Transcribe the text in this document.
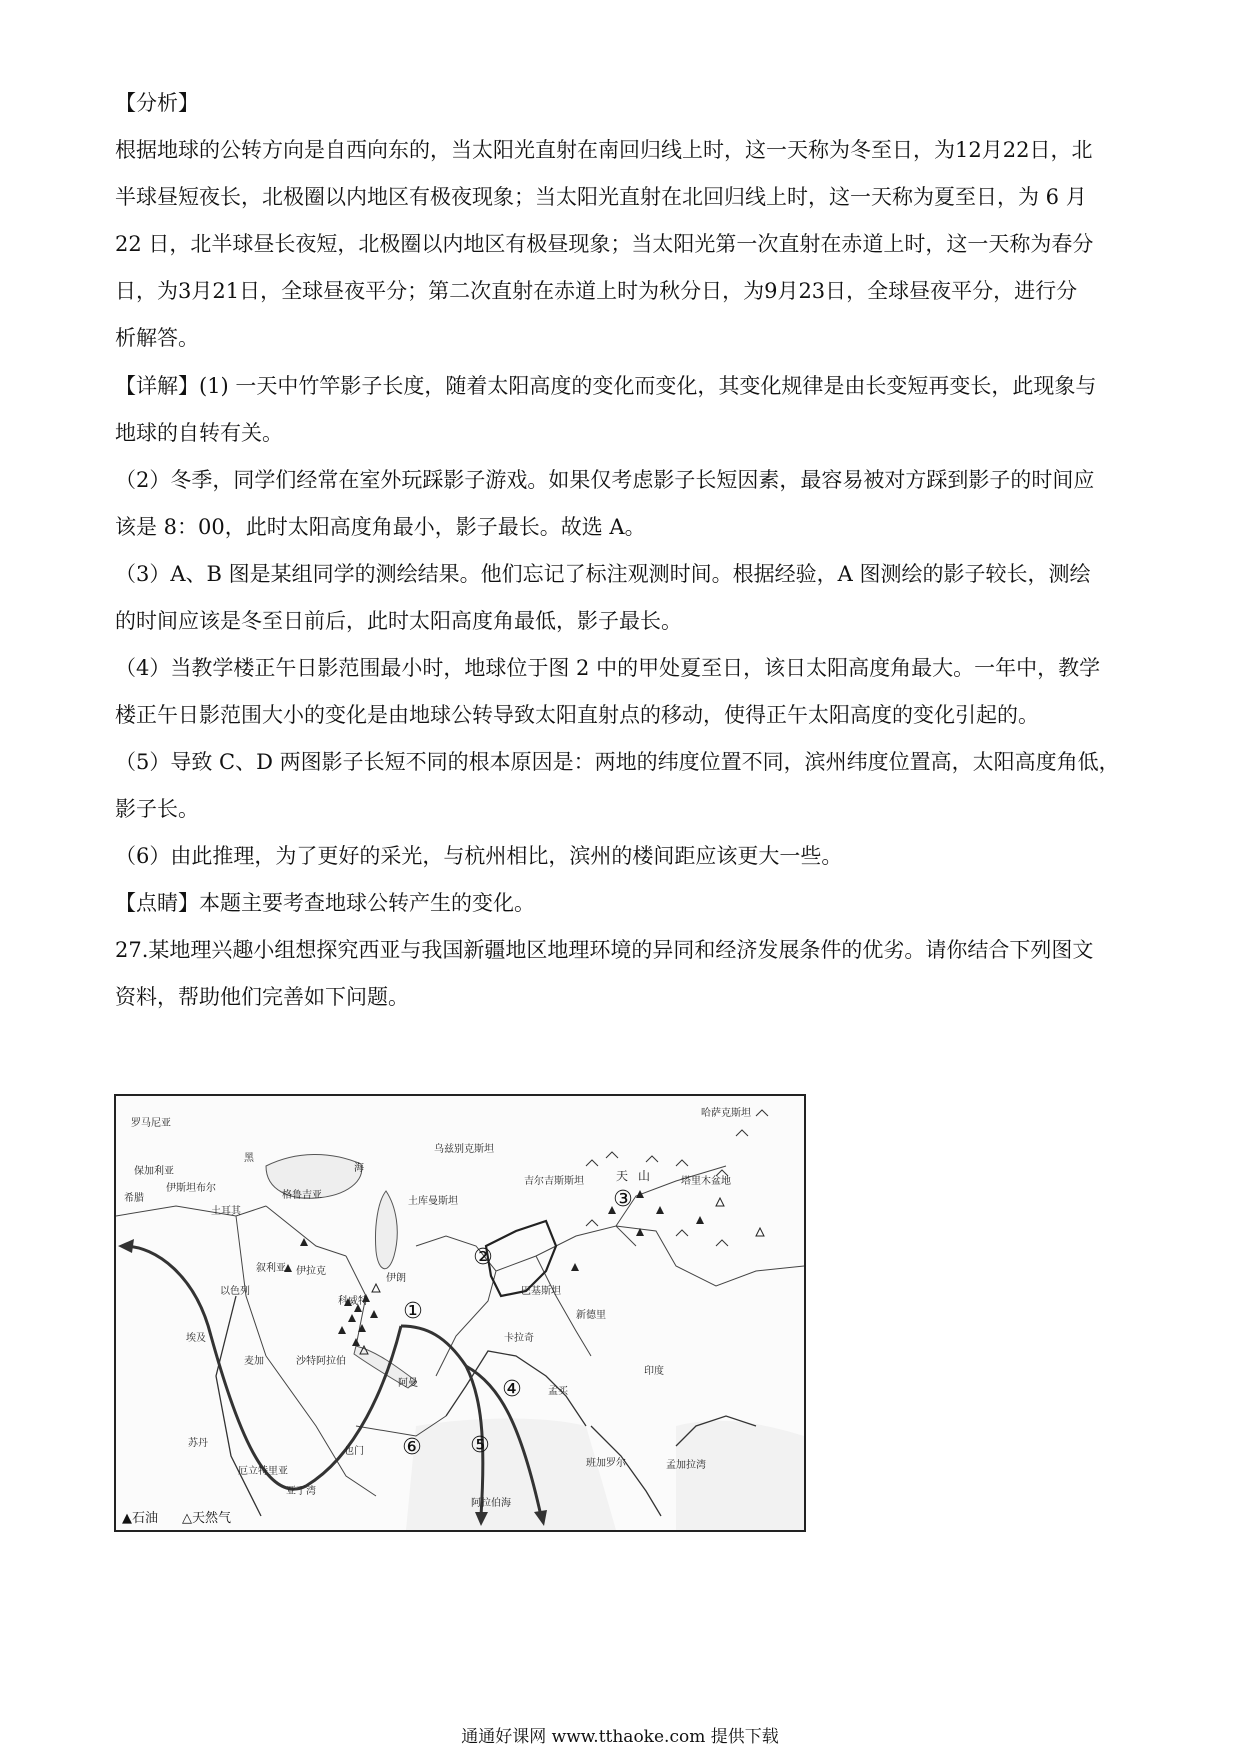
【分析】
根据地球的公转方向是自西向东的，当太阳光直射在南回归线上时，这一天称为冬至日，为12月22日，北
半球昼短夜长，北极圈以内地区有极夜现象；当太阳光直射在北回归线上时，这一天称为夏至日，为 6 月
22 日，北半球昼长夜短，北极圈以内地区有极昼现象；当太阳光第一次直射在赤道上时，这一天称为春分
日，为3月21日，全球昼夜平分；第二次直射在赤道上时为秋分日，为9月23日，全球昼夜平分，进行分
析解答。
【详解】(1) 一天中竹竿影子长度，随着太阳高度的变化而变化，其变化规律是由长变短再变长，此现象与
地球的自转有关。
（2）冬季，同学们经常在室外玩踩影子游戏。如果仅考虑影子长短因素，最容易被对方踩到影子的时间应
该是 8：00，此时太阳高度角最小，影子最长。故选 A。
（3）A、B 图是某组同学的测绘结果。他们忘记了标注观测时间。根据经验，A 图测绘的影子较长，测绘
的时间应该是冬至日前后，此时太阳高度角最低，影子最长。
（4）当教学楼正午日影范围最小时，地球位于图 2 中的甲处夏至日，该日太阳高度角最大。一年中，教学
楼正午日影范围大小的变化是由地球公转导致太阳直射点的移动，使得正午太阳高度的变化引起的。
（5）导致 C、D 两图影子长短不同的根本原因是：两地的纬度位置不同，滨州纬度位置高，太阳高度角低，
影子长。
（6）由此推理，为了更好的采光，与杭州相比，滨州的楼间距应该更大一些。
【点睛】本题主要考查地球公转产生的变化。
27.某地理兴趣小组想探究西亚与我国新疆地区地理环境的异同和经济发展条件的优劣。请你结合下列图文
资料，帮助他们完善如下问题。
①
②
③
④
⑤
⑥
罗马尼亚
保加利亚
希腊
伊斯坦布尔
土耳其
黑
海
格鲁吉亚
乌兹别克斯坦
吉尔吉斯斯坦
土库曼斯坦
哈萨克斯坦
天 山	塔里木盆地
叙利亚 伊拉克
伊朗
以色列
埃及
科威特
沙特阿拉伯
麦加
阿曼
也门
苏丹
厄立特里亚
亚丁湾
巴基斯坦
新德里
卡拉奇
孟买
印度
班加罗尔	孟加拉湾
阿拉伯海
▲石油 △天然气
通通好课网 www.tthaoke.com 提供下载
